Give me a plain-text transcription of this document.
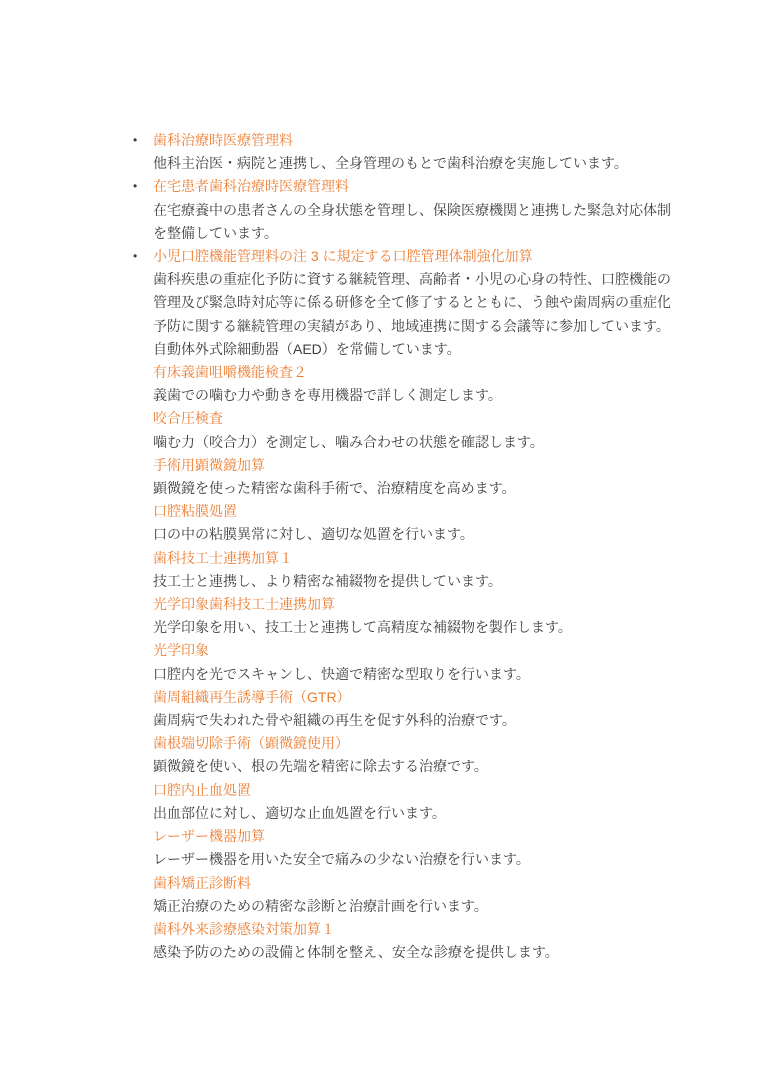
•	歯科治療時医療管理料

他科主治医・病院と連携し、全身管理のもとで歯科治療を実施しています。

•	在宅患者歯科治療時医療管理料

在宅療養中の患者さんの全身状態を管理し、保険医療機関と連携した緊急対応体制を整備しています。

•	小児口腔機能管理料の注 3 に規定する口腔管理体制強化加算

歯科疾患の重症化予防に資する継続管理、高齢者・小児の心身の特性、口腔機能の管理及び緊急時対応等に係る研修を全て修了するとともに、う蝕や歯周病の重症化予防に関する継続管理の実績があり、地域連携に関する会議等に参加しています。

自動体外式除細動器（AED）を常備しています。

有床義歯咀嚼機能検査２

義歯での噛む力や動きを専用機器で詳しく測定します。

咬合圧検査

噛む力（咬合力）を測定し、噛み合わせの状態を確認します。

手術用顕微鏡加算

顕微鏡を使った精密な歯科手術で、治療精度を高めます。

口腔粘膜処置

口の中の粘膜異常に対し、適切な処置を行います。

歯科技工士連携加算１

技工士と連携し、より精密な補綴物を提供しています。

光学印象歯科技工士連携加算

光学印象を用い、技工士と連携して高精度な補綴物を製作します。

光学印象

口腔内を光でスキャンし、快適で精密な型取りを行います。

歯周組織再生誘導手術（GTR）

歯周病で失われた骨や組織の再生を促す外科的治療です。

歯根端切除手術（顕微鏡使用）

顕微鏡を使い、根の先端を精密に除去する治療です。

口腔内止血処置

出血部位に対し、適切な止血処置を行います。

レーザー機器加算

レーザー機器を用いた安全で痛みの少ない治療を行います。

歯科矯正診断料

矯正治療のための精密な診断と治療計画を行います。

歯科外来診療感染対策加算１

感染予防のための設備と体制を整え、安全な診療を提供します。
